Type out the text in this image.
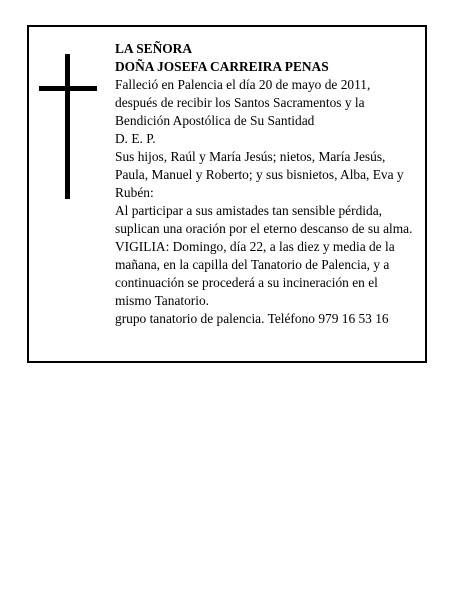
LA SEÑORA
DOÑA JOSEFA CARREIRA PENAS
Falleció en Palencia el día 20 de mayo de 2011,
después de recibir los Santos Sacramentos y la
Bendición Apostólica de Su Santidad
D. E. P.
Sus hijos, Raúl y María Jesús; nietos, María Jesús,
Paula, Manuel y Roberto; y sus bisnietos, Alba, Eva y
Rubén:
Al participar a sus amistades tan sensible pérdida,
suplican una oración por el eterno descanso de su alma.
VIGILIA: Domingo, día 22, a las diez y media de la
mañana, en la capilla del Tanatorio de Palencia, y a
continuación se procederá a su incineración en el
mismo Tanatorio.
grupo tanatorio de palencia. Teléfono 979 16 53 16
